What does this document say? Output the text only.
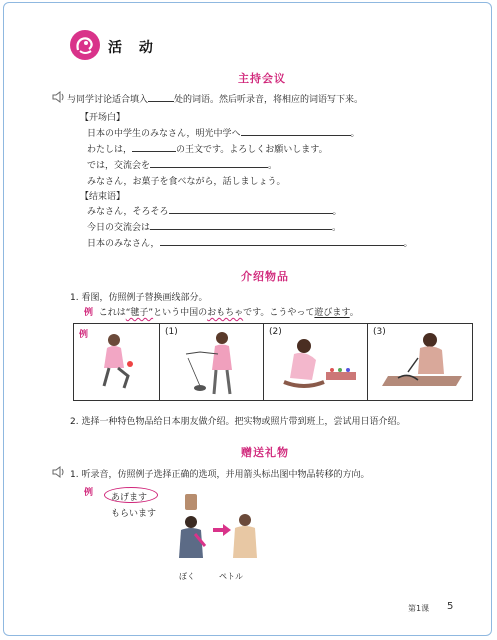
活 动
主持会议
与同学讨论适合填入	处的词语。然后听录音，将相应的词语写下来。
【开场白】
日本の中学生のみなさん，明光中学へ	。
わたしは，	の王文です。よろしくお願いします。
では，交流会を	。
みなさん，お菓子を食べながら，話しましょう。
【结束语】
みなさん，そろそろ	。
今日の交流会は	。
日本のみなさん，	。
介绍物品
1. 看图，仿照例子替换画线部分。
例 これは“毽子”という中国のおもちゃです。こうやって遊びます。
例	(1)	(2)	(3)
2. 选择一种特色物品给日本朋友做介绍。把实物或照片带到班上，尝试用日语介绍。
赠送礼物
1. 听录音，仿照例子选择正确的选项，并用箭头标出图中物品转移的方向。
例 あげます
もらいます
ぼく	ペトル
第1课 5
